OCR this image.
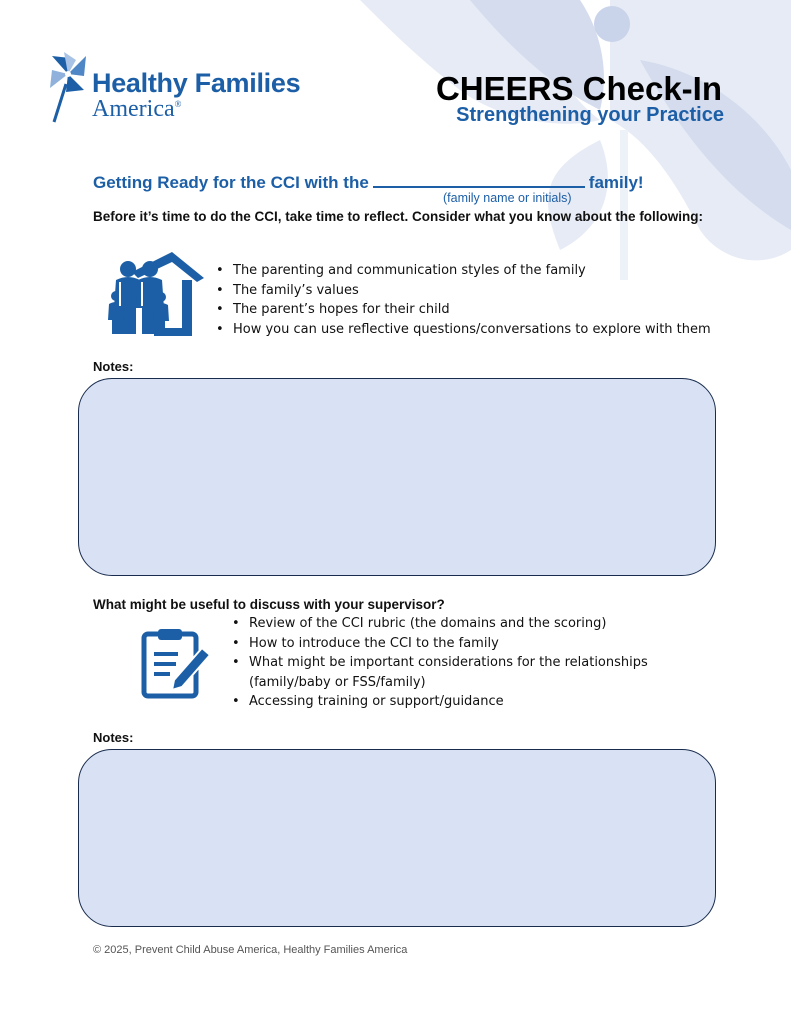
Healthy Families
America®	CHEERS Check-In
Strengthening your Practice
Getting Ready for the CCI with the	family!
(family name or initials)
Before it’s time to do the CCI, take time to reflect. Consider what you know about the following:
• The parenting and communication styles of the family
• The family’s values
• The parent’s hopes for their child
• How you can use reflective questions/conversations to explore with them
Notes:
What might be useful to discuss with your supervisor?
• Review of the CCI rubric (the domains and the scoring)
• How to introduce the CCI to the family
• What might be important considerations for the relationships
(family/baby or FSS/family)
• Accessing training or support/guidance
Notes:
© 2025, Prevent Child Abuse America, Healthy Families America
